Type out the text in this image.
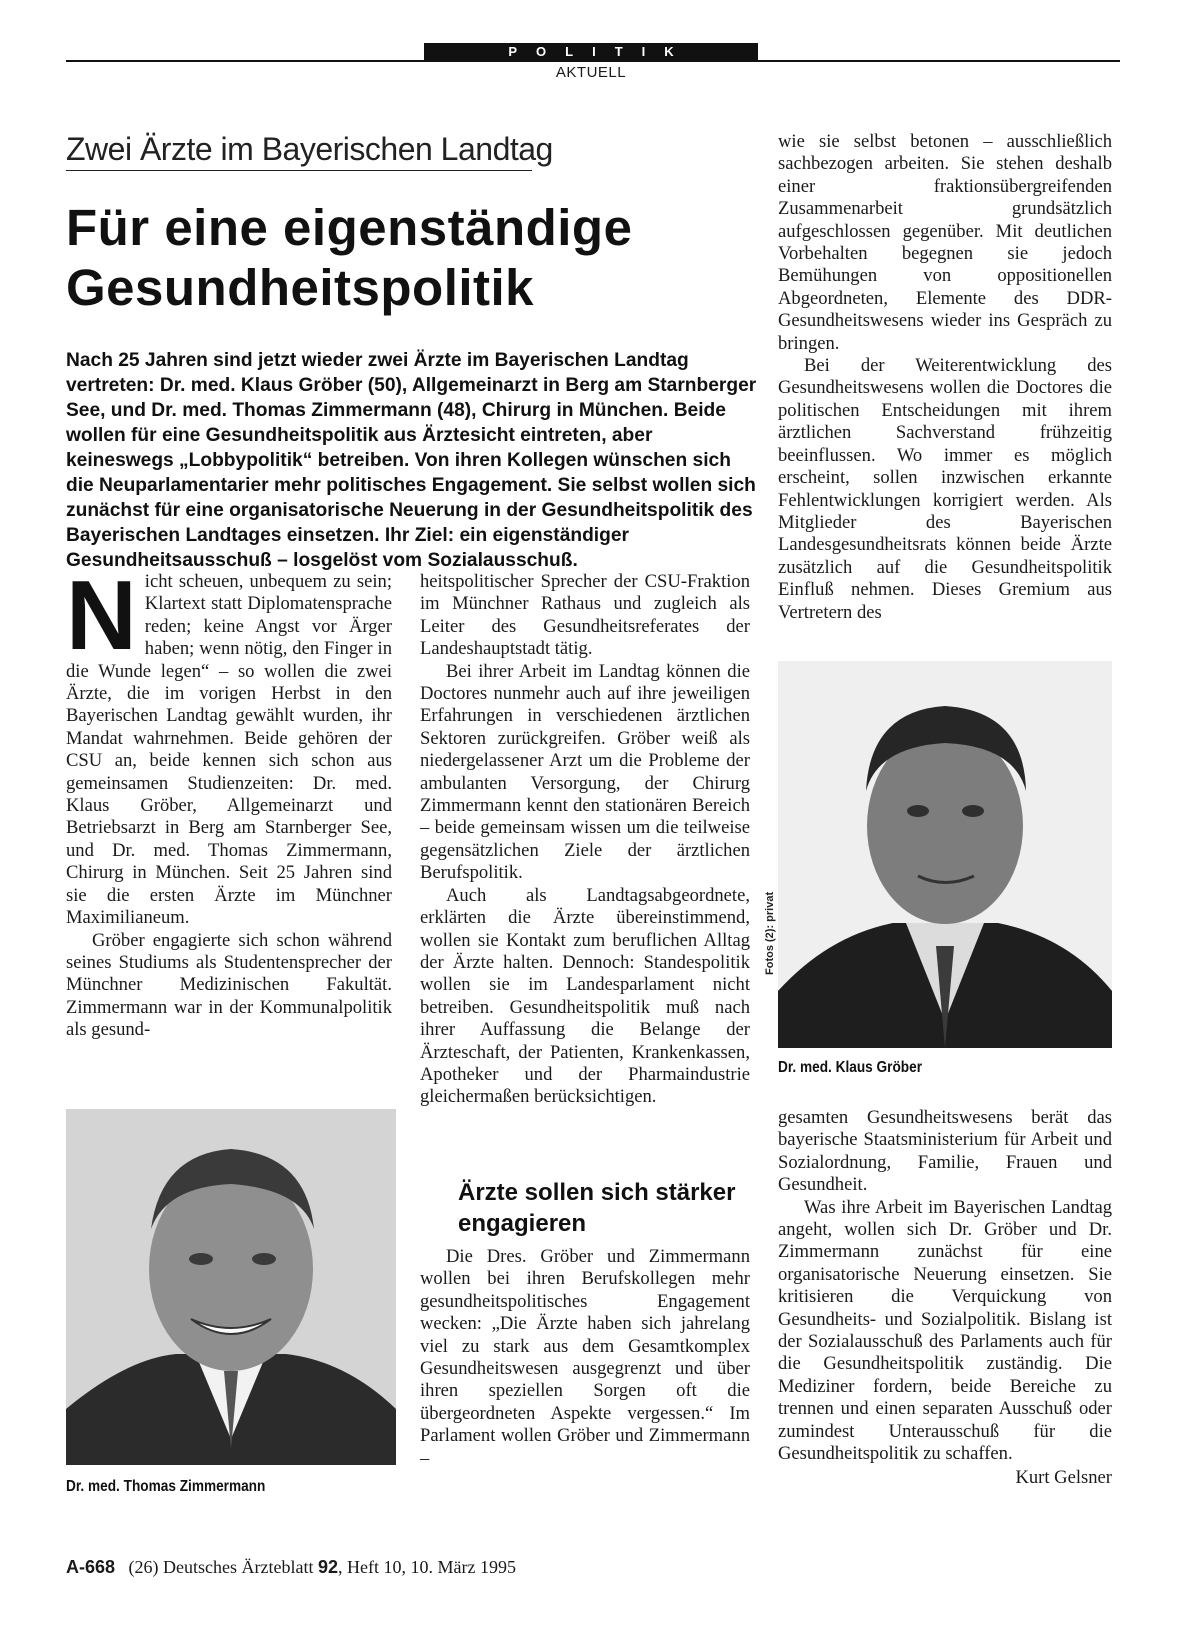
POLITIK
AKTUELL
Zwei Ärzte im Bayerischen Landtag
Für eine eigenständige Gesundheitspolitik

Nach 25 Jahren sind jetzt wieder zwei Ärzte im Bayerischen Landtag vertreten: Dr. med. Klaus Gröber (50), Allgemeinarzt in Berg am Starnberger See, und Dr. med. Thomas Zimmermann (48), Chirurg in München. Beide wollen für eine Gesundheitspolitik aus Ärztesicht eintreten, aber keineswegs „Lobbypolitik“ betreiben. Von ihren Kollegen wünschen sich die Neuparlamentarier mehr politisches Engagement. Sie selbst wollen sich zunächst für eine organisatorische Neuerung in der Gesundheitspolitik des Bayerischen Landtages einsetzen. Ihr Ziel: ein eigenständiger Gesundheitsausschuß – losgelöst vom Sozialausschuß.

N icht scheuen, unbequem zu sein; Klartext statt Diplomatensprache reden; keine Angst vor Ärger haben; wenn nötig, den Finger in die Wunde legen“ – so wollen die zwei Ärzte, die im vorigen Herbst in den Bayerischen Landtag gewählt wurden, ihr Mandat wahrnehmen. Beide gehören der CSU an, beide kennen sich schon aus gemeinsamen Studienzeiten: Dr. med. Klaus Gröber, Allgemeinarzt und Betriebsarzt in Berg am Starnberger See, und Dr. med. Thomas Zimmermann, Chirurg in München. Seit 25 Jahren sind sie die ersten Ärzte im Münchner Maximilianeum.

Gröber engagierte sich schon während seines Studiums als Studentensprecher der Münchner Medizinischen Fakultät. Zimmermann war in der Kommunalpolitik als gesund-

Dr. med. Thomas Zimmermann

heitspolitischer Sprecher der CSU-Fraktion im Münchner Rathaus und zugleich als Leiter des Gesundheitsreferates der Landeshauptstadt tätig.

Bei ihrer Arbeit im Landtag können die Doctores nunmehr auch auf ihre jeweiligen Erfahrungen in verschiedenen ärztlichen Sektoren zurückgreifen. Gröber weiß als niedergelassener Arzt um die Probleme der ambulanten Versorgung, der Chirurg Zimmermann kennt den stationären Bereich – beide gemeinsam wissen um die teilweise gegensätzlichen Ziele der ärztlichen Berufspolitik.

Auch als Landtagsabgeordnete, erklärten die Ärzte übereinstimmend, wollen sie Kontakt zum beruflichen Alltag der Ärzte halten. Dennoch: Standespolitik wollen sie im Landesparlament nicht betreiben. Gesundheitspolitik muß nach ihrer Auffassung die Belange der Ärzteschaft, der Patienten, Krankenkassen, Apotheker und der Pharmaindustrie gleichermaßen berücksichtigen.

Ärzte sollen sich stärker engagieren

Die Dres. Gröber und Zimmermann wollen bei ihren Berufskollegen mehr gesundheitspolitisches Engagement wecken: „Die Ärzte haben sich jahrelang viel zu stark aus dem Gesamtkomplex Gesundheitswesen ausgegrenzt und über ihren speziellen Sorgen oft die übergeordneten Aspekte vergessen.“ Im Parlament wollen Gröber und Zimmermann –

wie sie selbst betonen – ausschließlich sachbezogen arbeiten. Sie stehen deshalb einer fraktionsübergreifenden Zusammenarbeit grundsätzlich aufgeschlossen gegenüber. Mit deutlichen Vorbehalten begegnen sie jedoch Bemühungen von oppositionellen Abgeordneten, Elemente des DDR-Gesundheitswesens wieder ins Gespräch zu bringen.

Bei der Weiterentwicklung des Gesundheitswesens wollen die Doctores die politischen Entscheidungen mit ihrem ärztlichen Sachverstand frühzeitig beeinflussen. Wo immer es möglich erscheint, sollen inzwischen erkannte Fehlentwicklungen korrigiert werden. Als Mitglieder des Bayerischen Landesgesundheitsrats können beide Ärzte zusätzlich auf die Gesundheitspolitik Einfluß nehmen. Dieses Gremium aus Vertretern des

Dr. med. Klaus Gröber
Fotos (2): privat

gesamten Gesundheitswesens berät das bayerische Staatsministerium für Arbeit und Sozialordnung, Familie, Frauen und Gesundheit.

Was ihre Arbeit im Bayerischen Landtag angeht, wollen sich Dr. Gröber und Dr. Zimmermann zunächst für eine organisatorische Neuerung einsetzen. Sie kritisieren die Verquickung von Gesundheits- und Sozialpolitik. Bislang ist der Sozialausschuß des Parlaments auch für die Gesundheitspolitik zuständig. Die Mediziner fordern, beide Bereiche zu trennen und einen separaten Ausschuß oder zumindest Unterausschuß für die Gesundheitspolitik zu schaffen.

Kurt Gelsner
A-668 (26) Deutsches Ärzteblatt 92, Heft 10, 10. März 1995
